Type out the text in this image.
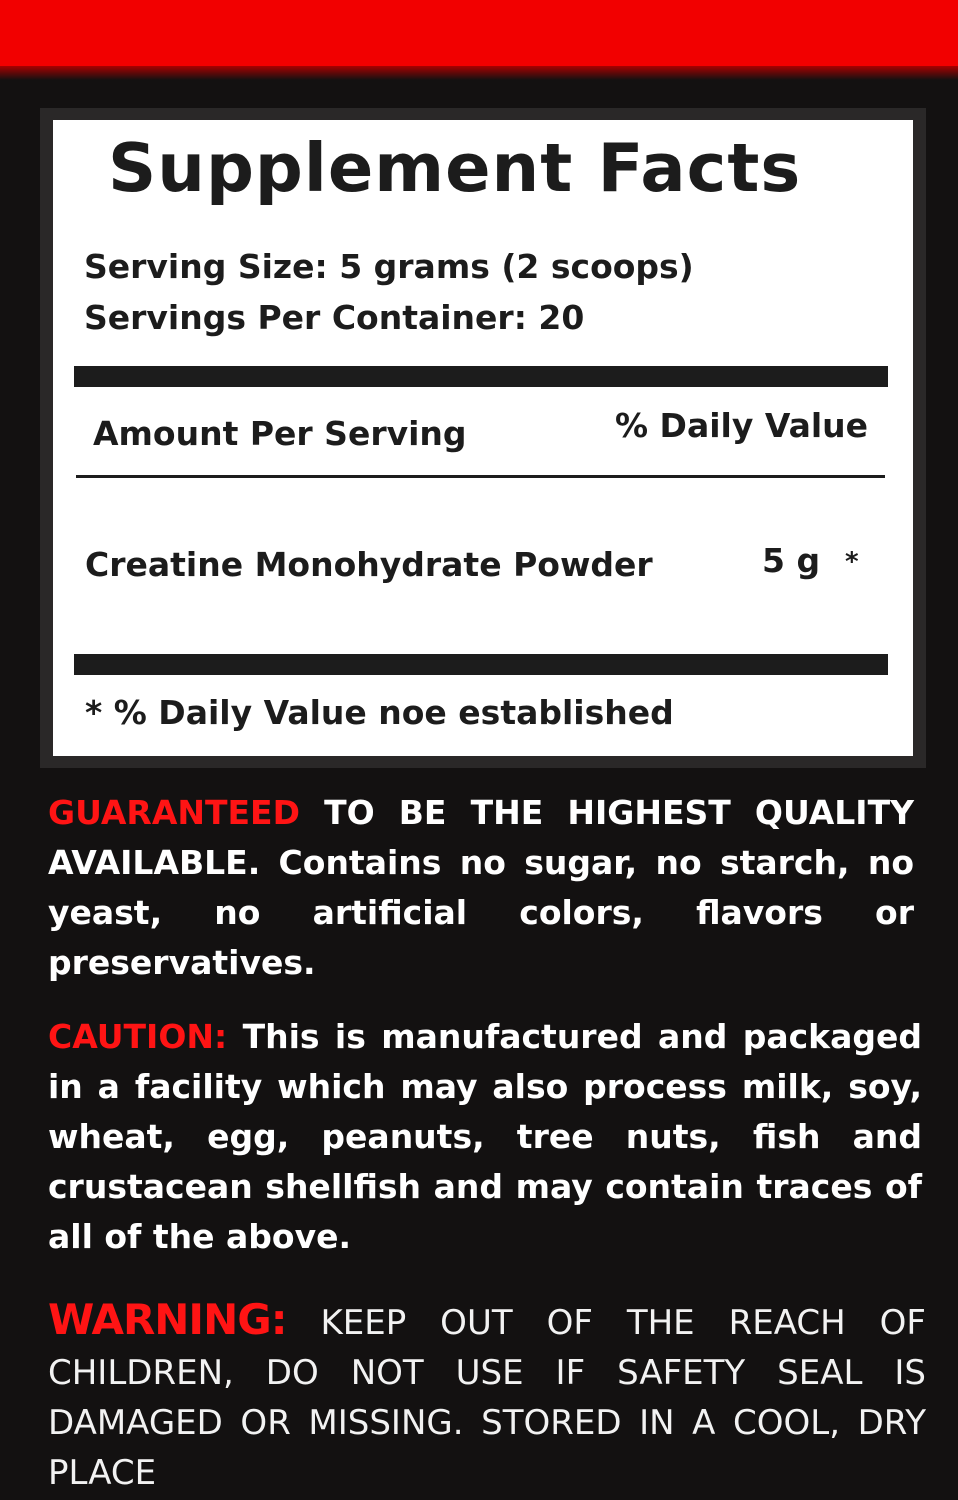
Supplement Facts
Serving Size: 5 grams (2 scoops)
Servings Per Container: 20
Amount Per Serving	% Daily Value
Creatine Monohydrate Powder	5 g *
* % Daily Value noe established

GUARANTEED TO BE THE HIGHEST QUALITY AVAILABLE. Contains no sugar, no starch, no yeast, no artificial colors, flavors or preservatives.

CAUTION: This is manufactured and packaged in a facility which may also process milk, soy, wheat, egg, peanuts, tree nuts, fish and crustacean shellfish and may contain traces of all of the above.

WARNING: KEEP OUT OF THE REACH OF CHILDREN, DO NOT USE IF SAFETY SEAL IS DAMAGED OR MISSING. STORED IN A COOL, DRY PLACE
